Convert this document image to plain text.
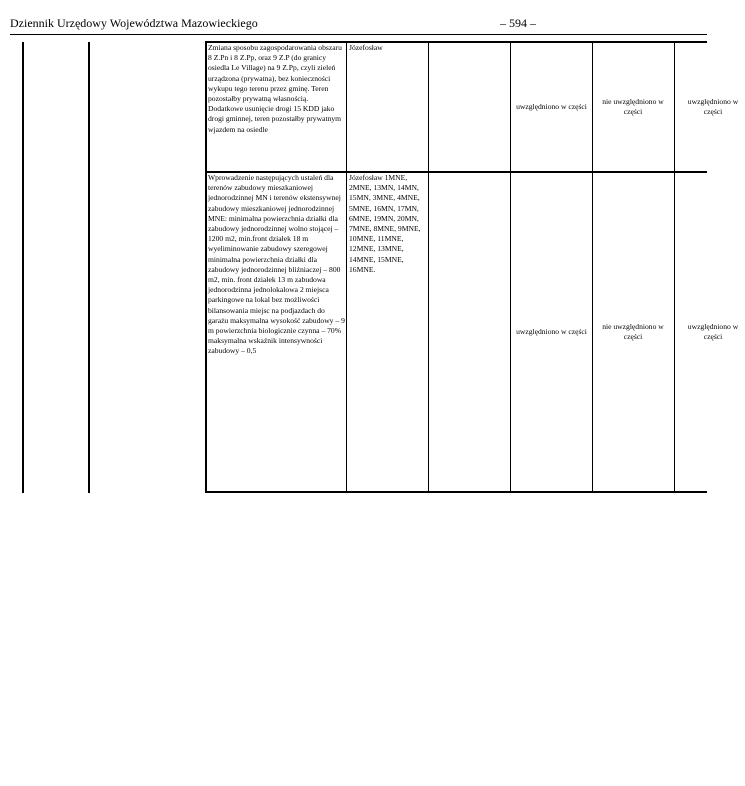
Dziennik Urzędowy Województwa Mazowieckiego	– 594 –
Zmiana sposobu zagospodarowania obszaru 8 Z.Pn i 8 Z.Pp, oraz 9 Z.P (do granicy osiedla Le Village) na 9 Z.Pp, czyli zieleń urządzona (prywatna), bez konieczności wykupu tego terenu przez gminę. Teren pozostałby prywatną własnością. Dodatkowe usunięcie drogi 15 KDD jako drogi gminnej, teren pozostałby prywatnym wjazdem na osiedle
Józefosław
uwzględniono w części
nie uwzględniono w części
uwzględniono w części
Wprowadzenie następujących ustaleń dla terenów zabudowy mieszkaniowej jednorodzinnej MN i terenów ekstensywnej zabudowy mieszkaniowej jednorodzinnej MNE: minimalna powierzchnia działki dla zabudowy jednorodzinnej wolno stojącej – 1200 m2, min.front działek 18 m wyeliminowanie zabudowy szeregowej minimalna powierzchnia działki dla zabudowy jednorodzinnej bliźniaczej – 800 m2, min. front działek 13 m zabudowa jednorodzinna jednolokalowa 2 miejsca parkingowe na lokal bez możliwości bilansowania miejsc na podjazdach do garażu maksymalna wysokość zabudowy – 9 m powierzchnia biologicznie czynna – 70% maksymalna wskaźnik intensywności zabudowy – 0,5
Józefosław 1MNE, 2MNE, 13MN, 14MN, 15MN, 3MNE, 4MNE, 5MNE, 16MN, 17MN, 6MNE, 19MN, 20MN, 7MNE, 8MNE, 9MNE, 10MNE, 11MNE, 12MNE, 13MNE, 14MNE, 15MNE, 16MNE.
uwzględniono w części
nie uwzględniono w części
uwzględniono w części
